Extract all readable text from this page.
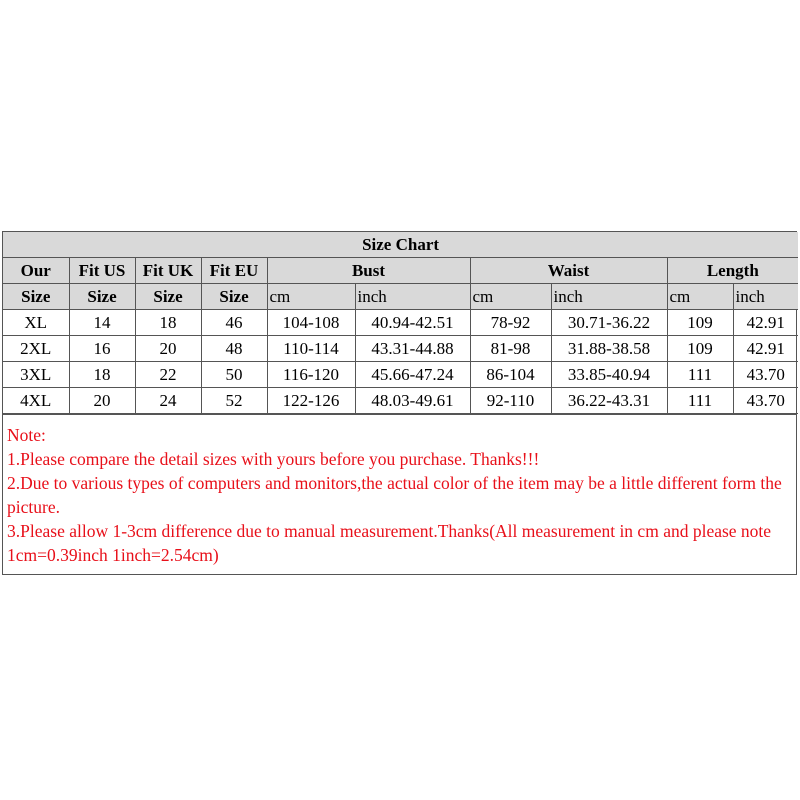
Size Chart									
Our	Fit US	Fit UK	Fit EU	Bust		Waist		Length	
Size	Size	Size	Size	cm	inch	cm	inch	cm	inch
XL	14	18	46	104-108	40.94-42.51	78-92	30.71-36.22	109	42.91
2XL	16	20	48	110-114	43.31-44.88	81-98	31.88-38.58	109	42.91
3XL	18	22	50	116-120	45.66-47.24	86-104	33.85-40.94	111	43.70
4XL	20	24	52	122-126	48.03-49.61	92-110	36.22-43.31	111	43.70
Note:
1.Please compare the detail sizes with yours before you purchase. Thanks!!!
2.Due to various types of computers and monitors,the actual color of the item may be a little different form the picture.
3.Please allow 1-3cm difference due to manual measurement.Thanks(All measurement in cm and please note 1cm=0.39inch 1inch=2.54cm)
